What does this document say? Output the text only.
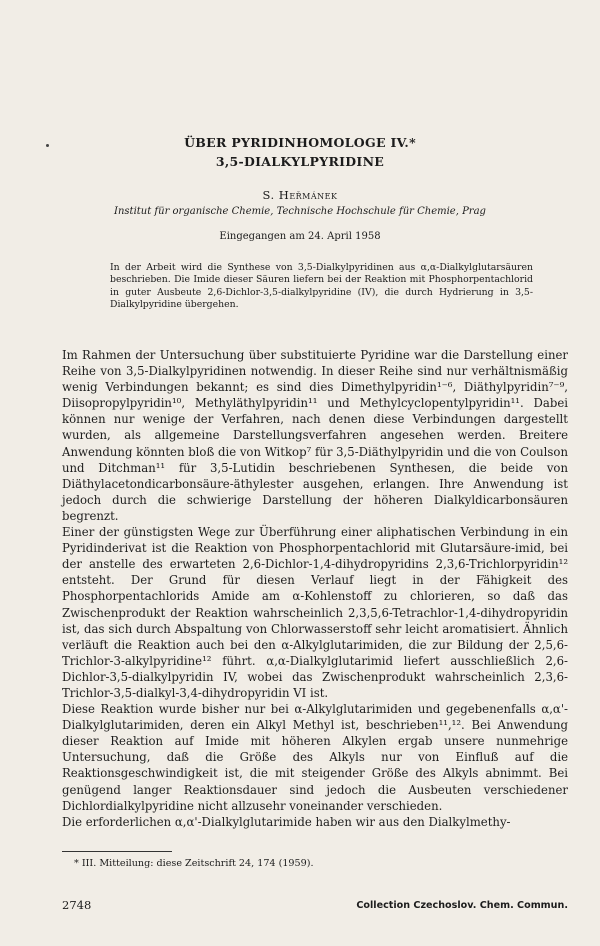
ÜBER PYRIDINHOMOLOGE IV.*
3,5-DIALKYLPYRIDINE
S. Heřmánek
Institut für organische Chemie, Technische Hochschule für Chemie, Prag
Eingegangen am 24. April 1958

In der Arbeit wird die Synthese von 3,5-Dialkylpyridinen aus α,α-Dialkylglutarsäuren beschrieben. Die Imide dieser Säuren liefern bei der Reaktion mit Phosphorpentachlorid in guter Ausbeute 2,6-Dichlor-3,5-dialkylpyridine (IV), die durch Hydrierung in 3,5-Dialkylpyridine übergehen.

Im Rahmen der Untersuchung über substituierte Pyridine war die Darstellung einer Reihe von 3,5-Dialkylpyridinen notwendig. In dieser Reihe sind nur verhältnismäßig wenig Verbindungen bekannt; es sind dies Dimethylpyridin¹⁻⁶, Diäthylpyridin⁷⁻⁹, Diisopropylpyridin¹⁰, Methyläthylpyridin¹¹ und Methylcyclopentylpyridin¹¹. Dabei können nur wenige der Verfahren, nach denen diese Verbindungen dargestellt wurden, als allgemeine Darstellungsverfahren angesehen werden. Breitere Anwendung könnten bloß die von Witkop⁷ für 3,5-Diäthylpyridin und die von Coulson und Ditchman¹¹ für 3,5-Lutidin beschriebenen Synthesen, die beide von Diäthylacetondicarbonsäure-äthylester ausgehen, erlangen. Ihre Anwendung ist jedoch durch die schwierige Darstellung der höheren Dialkyldicarbonsäuren begrenzt.

Einer der günstigsten Wege zur Überführung einer aliphatischen Verbindung in ein Pyridinderivat ist die Reaktion von Phosphorpentachlorid mit Glutarsäure-imid, bei der anstelle des erwarteten 2,6-Dichlor-1,4-dihydropyridins 2,3,6-Trichlorpyridin¹² entsteht. Der Grund für diesen Verlauf liegt in der Fähigkeit des Phosphorpentachlorids Amide am α-Kohlenstoff zu chlorieren, so daß das Zwischenprodukt der Reaktion wahrscheinlich 2,3,5,6-Tetrachlor-1,4-dihydropyridin ist, das sich durch Abspaltung von Chlorwasserstoff sehr leicht aromatisiert. Ähnlich verläuft die Reaktion auch bei den α-Alkylglutarimiden, die zur Bildung der 2,5,6-Trichlor-3-alkylpyridine¹² führt. α,α-Dialkylglutarimid liefert ausschließlich 2,6-Dichlor-3,5-dialkylpyridin IV, wobei das Zwischenprodukt wahrscheinlich 2,3,6-Trichlor-3,5-dialkyl-3,4-dihydropyridin VI ist.

Diese Reaktion wurde bisher nur bei α-Alkylglutarimiden und gegebenenfalls α,α'-Dialkylglutarimiden, deren ein Alkyl Methyl ist, beschrieben¹¹,¹². Bei Anwendung dieser Reaktion auf Imide mit höheren Alkylen ergab unsere nunmehrige Untersuchung, daß die Größe des Alkyls nur von Einfluß auf die Reaktionsgeschwindigkeit ist, die mit steigender Größe des Alkyls abnimmt. Bei genügend langer Reaktionsdauer sind jedoch die Ausbeuten verschiedener Dichlordialkylpyridine nicht allzusehr voneinander verschieden.

Die erforderlichen α,α'-Dialkylglutarimide haben wir aus den Dialkylmethy-

* III. Mitteilung: diese Zeitschrift 24, 174 (1959).
2748	Collection Czechoslov. Chem. Commun.
